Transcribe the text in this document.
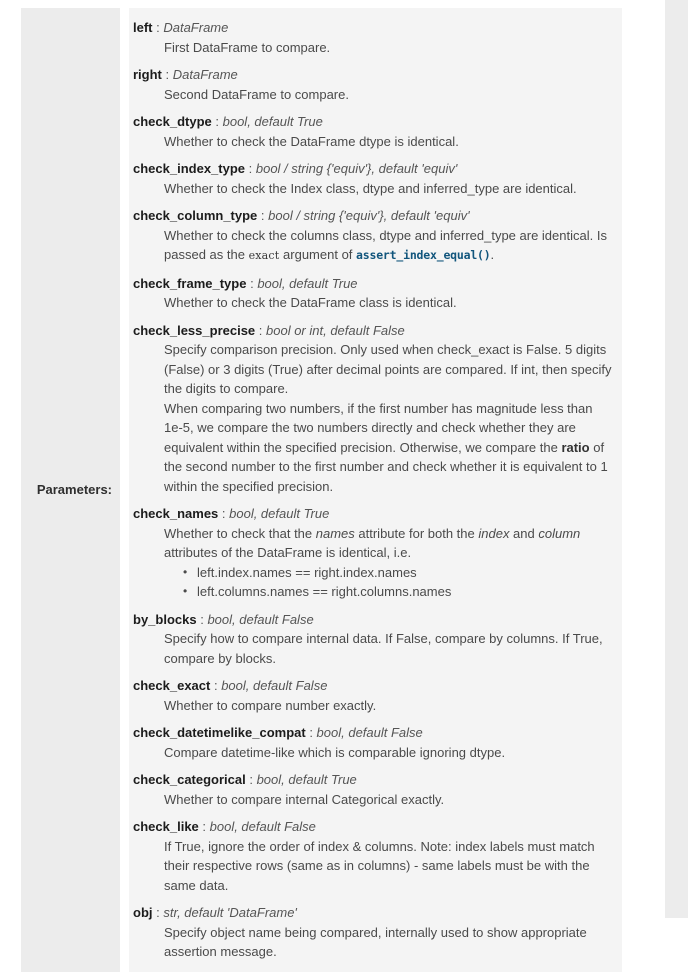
Parameters:	
left : DataFrame

First DataFrame to compare.

right : DataFrame

Second DataFrame to compare.

check_dtype : bool, default True

Whether to check the DataFrame dtype is identical.

check_index_type : bool / string {'equiv'}, default 'equiv'

Whether to check the Index class, dtype and inferred_type are identical.

check_column_type : bool / string {'equiv'}, default 'equiv'

Whether to check the columns class, dtype and inferred_type are identical. Is passed as the exact argument of assert_index_equal().

check_frame_type : bool, default True

Whether to check the DataFrame class is identical.

check_less_precise : bool or int, default False

Specify comparison precision. Only used when check_exact is False. 5 digits (False) or 3 digits (True) after decimal points are compared. If int, then specify the digits to compare.

When comparing two numbers, if the first number has magnitude less than 1e-5, we compare the two numbers directly and check whether they are equivalent within the specified precision. Otherwise, we compare the ratio of the second number to the first number and check whether it is equivalent to 1 within the specified precision.

check_names : bool, default True

Whether to check that the names attribute for both the index and column attributes of the DataFrame is identical, i.e.

• left.index.names == right.index.names
• left.columns.names == right.columns.names
by_blocks : bool, default False

Specify how to compare internal data. If False, compare by columns. If True, compare by blocks.

check_exact : bool, default False

Whether to compare number exactly.

check_datetimelike_compat : bool, default False

Compare datetime-like which is comparable ignoring dtype.

check_categorical : bool, default True

Whether to compare internal Categorical exactly.

check_like : bool, default False

If True, ignore the order of index & columns. Note: index labels must match their respective rows (same as in columns) - same labels must be with the same data.

obj : str, default 'DataFrame'

Specify object name being compared, internally used to show appropriate assertion message.
